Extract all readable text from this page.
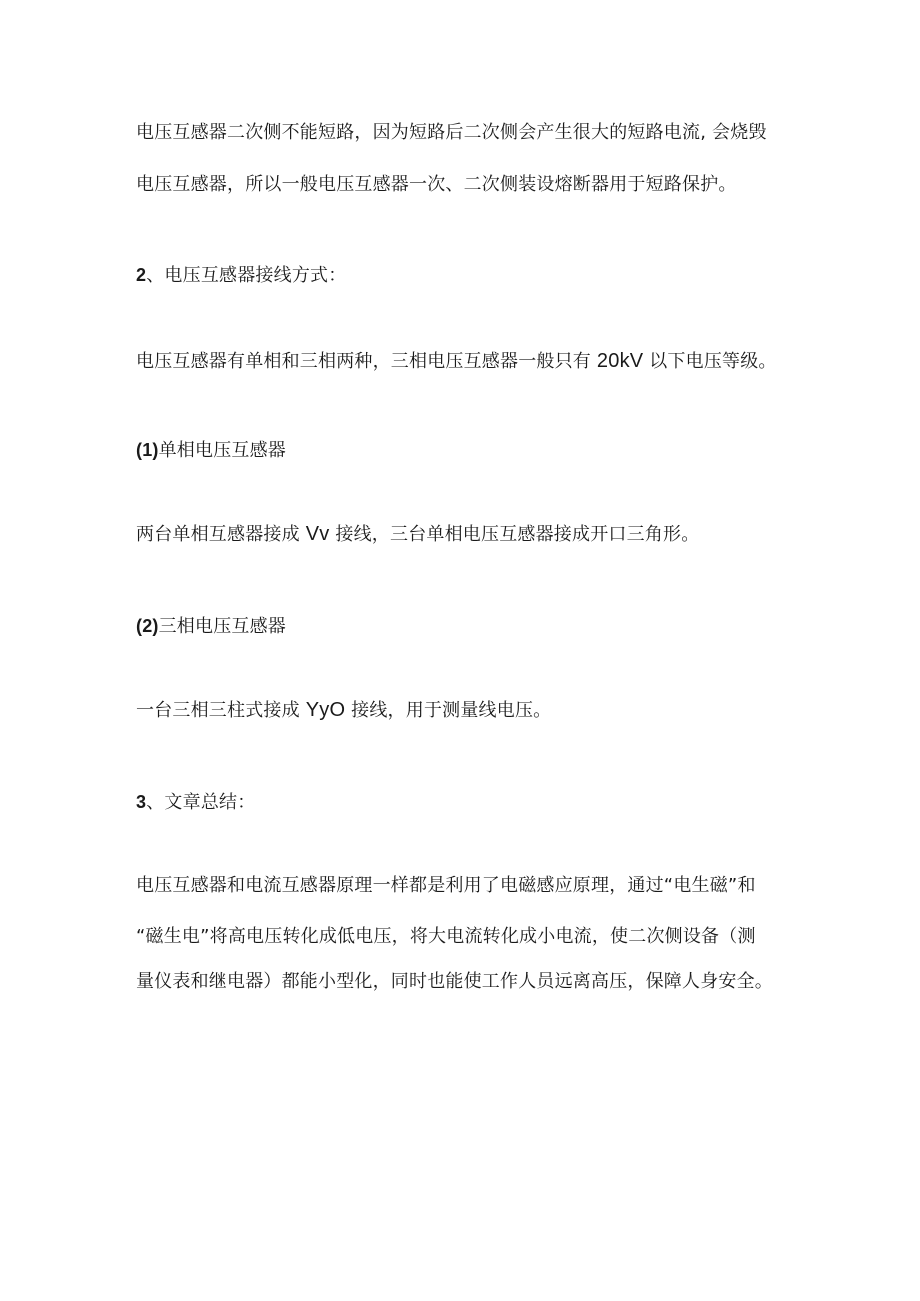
电压互感器二次侧不能短路，因为短路后二次侧会产生很大的短路电流, 会烧毁
电压互感器，所以一般电压互感器一次、二次侧装设熔断器用于短路保护。
2、电压互感器接线方式：
电压互感器有单相和三相两种，三相电压互感器一般只有 20kV 以下电压等级。
(1)单相电压互感器
两台单相互感器接成 Vv 接线，三台单相电压互感器接成开口三角形。
(2)三相电压互感器
一台三相三柱式接成 YyO 接线，用于测量线电压。
3、文章总结：
电压互感器和电流互感器原理一样都是利用了电磁感应原理，通过“电生磁”和
“磁生电”将高电压转化成低电压，将大电流转化成小电流，使二次侧设备（测
量仪表和继电器）都能小型化，同时也能使工作人员远离高压，保障人身安全。
